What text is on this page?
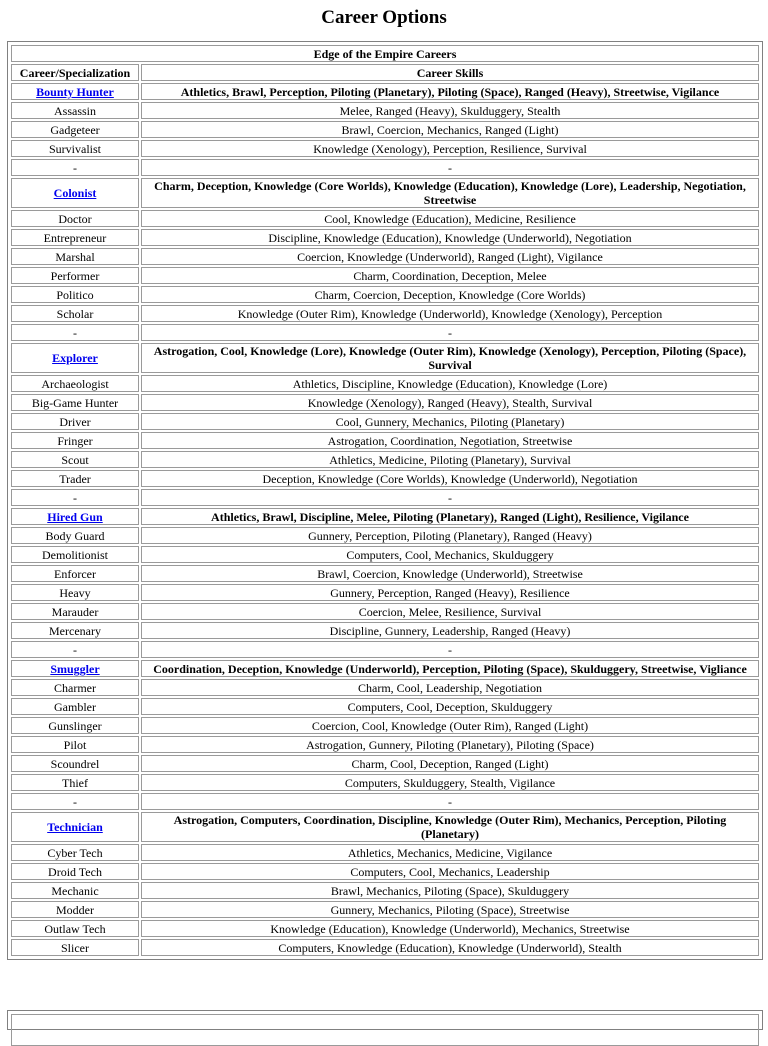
Career Options
Edge of the Empire Careers	
Career/Specialization	Career Skills
Bounty Hunter	Athletics, Brawl, Perception, Piloting (Planetary), Piloting (Space), Ranged (Heavy), Streetwise, Vigilance
Assassin	Melee, Ranged (Heavy), Skulduggery, Stealth
Gadgeteer	Brawl, Coercion, Mechanics, Ranged (Light)
Survivalist	Knowledge (Xenology), Perception, Resilience, Survival
-	-
Colonist	Charm, Deception, Knowledge (Core Worlds), Knowledge (Education), Knowledge (Lore), Leadership, Negotiation, Streetwise
Doctor	Cool, Knowledge (Education), Medicine, Resilience
Entrepreneur	Discipline, Knowledge (Education), Knowledge (Underworld), Negotiation
Marshal	Coercion, Knowledge (Underworld), Ranged (Light), Vigilance
Performer	Charm, Coordination, Deception, Melee
Politico	Charm, Coercion, Deception, Knowledge (Core Worlds)
Scholar	Knowledge (Outer Rim), Knowledge (Underworld), Knowledge (Xenology), Perception
-	-
Explorer	Astrogation, Cool, Knowledge (Lore), Knowledge (Outer Rim), Knowledge (Xenology), Perception, Piloting (Space), Survival
Archaeologist	Athletics, Discipline, Knowledge (Education), Knowledge (Lore)
Big-Game Hunter	Knowledge (Xenology), Ranged (Heavy), Stealth, Survival
Driver	Cool, Gunnery, Mechanics, Piloting (Planetary)
Fringer	Astrogation, Coordination, Negotiation, Streetwise
Scout	Athletics, Medicine, Piloting (Planetary), Survival
Trader	Deception, Knowledge (Core Worlds), Knowledge (Underworld), Negotiation
-	-
Hired Gun	Athletics, Brawl, Discipline, Melee, Piloting (Planetary), Ranged (Light), Resilience, Vigilance
Body Guard	Gunnery, Perception, Piloting (Planetary), Ranged (Heavy)
Demolitionist	Computers, Cool, Mechanics, Skulduggery
Enforcer	Brawl, Coercion, Knowledge (Underworld), Streetwise
Heavy	Gunnery, Perception, Ranged (Heavy), Resilience
Marauder	Coercion, Melee, Resilience, Survival
Mercenary	Discipline, Gunnery, Leadership, Ranged (Heavy)
-	-
Smuggler	Coordination, Deception, Knowledge (Underworld), Perception, Piloting (Space), Skulduggery, Streetwise, Vigliance
Charmer	Charm, Cool, Leadership, Negotiation
Gambler	Computers, Cool, Deception, Skulduggery
Gunslinger	Coercion, Cool, Knowledge (Outer Rim), Ranged (Light)
Pilot	Astrogation, Gunnery, Piloting (Planetary), Piloting (Space)
Scoundrel	Charm, Cool, Deception, Ranged (Light)
Thief	Computers, Skulduggery, Stealth, Vigilance
-	-
Technician	Astrogation, Computers, Coordination, Discipline, Knowledge (Outer Rim), Mechanics, Perception, Piloting (Planetary)
Cyber Tech	Athletics, Mechanics, Medicine, Vigilance
Droid Tech	Computers, Cool, Mechanics, Leadership
Mechanic	Brawl, Mechanics, Piloting (Space), Skulduggery
Modder	Gunnery, Mechanics, Piloting (Space), Streetwise
Outlaw Tech	Knowledge (Education), Knowledge (Underworld), Mechanics, Streetwise
Slicer	Computers, Knowledge (Education), Knowledge (Underworld), Stealth
